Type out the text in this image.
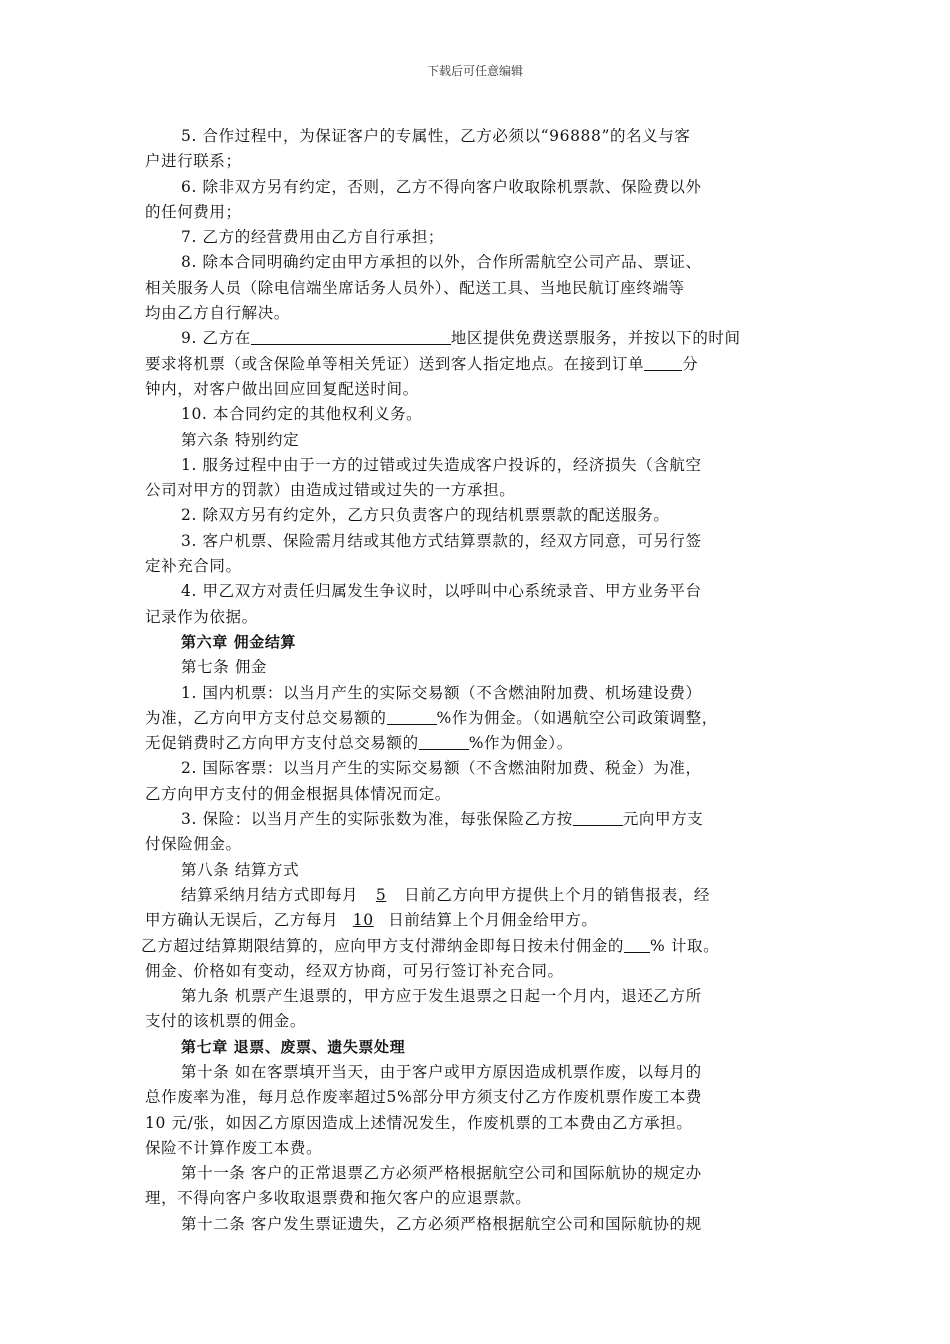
下载后可任意编辑
5. 合作过程中，为保证客户的专属性，乙方必须以“96888”的名义与客
户进行联系；
6. 除非双方另有约定，否则，乙方不得向客户收取除机票款、保险费以外
的任何费用；
7. 乙方的经营费用由乙方自行承担；
8. 除本合同明确约定由甲方承担的以外，合作所需航空公司产品、票证、
相关服务人员（除电信端坐席话务人员外）、配送工具、当地民航订座终端等
均由乙方自行解决。
9. 乙方在	地区提供免费送票服务，并按以下的时间
要求将机票（或含保险单等相关凭证）送到客人指定地点。在接到订单 分
钟内，对客户做出回应回复配送时间。
10. 本合同约定的其他权利义务。
第六条 特别约定
1. 服务过程中由于一方的过错或过失造成客户投诉的，经济损失（含航空
公司对甲方的罚款）由造成过错或过失的一方承担。
2. 除双方另有约定外，乙方只负责客户的现结机票票款的配送服务。
3. 客户机票、保险需月结或其他方式结算票款的，经双方同意，可另行签
定补充合同。
4. 甲乙双方对责任归属发生争议时，以呼叫中心系统录音、甲方业务平台
记录作为依据。
第六章 佣金结算
第七条 佣金
1. 国内机票：以当月产生的实际交易额（不含燃油附加费、机场建设费）
为准，乙方向甲方支付总交易额的	%作为佣金。（如遇航空公司政策调整，
无促销费时乙方向甲方支付总交易额的	%作为佣金）。
2. 国际客票：以当月产生的实际交易额（不含燃油附加费、税金）为准，
乙方向甲方支付的佣金根据具体情况而定。
3. 保险：以当月产生的实际张数为准，每张保险乙方按	元向甲方支
付保险佣金。
第八条 结算方式
结算采纳月结方式即每月 5 日前乙方向甲方提供上个月的销售报表，经
甲方确认无误后，乙方每月 10 日前结算上个月佣金给甲方。
乙方超过结算期限结算的，应向甲方支付滞纳金即每日按未付佣金的 % 计取。
佣金、价格如有变动，经双方协商，可另行签订补充合同。
第九条 机票产生退票的，甲方应于发生退票之日起一个月内，退还乙方所
支付的该机票的佣金。
第七章 退票、废票、遗失票处理
第十条 如在客票填开当天，由于客户或甲方原因造成机票作废，以每月的
总作废率为准，每月总作废率超过5%部分甲方须支付乙方作废机票作废工本费
10 元/张，如因乙方原因造成上述情况发生，作废机票的工本费由乙方承担。
保险不计算作废工本费。
第十一条 客户的正常退票乙方必须严格根据航空公司和国际航协的规定办
理，不得向客户多收取退票费和拖欠客户的应退票款。
第十二条 客户发生票证遗失，乙方必须严格根据航空公司和国际航协的规
